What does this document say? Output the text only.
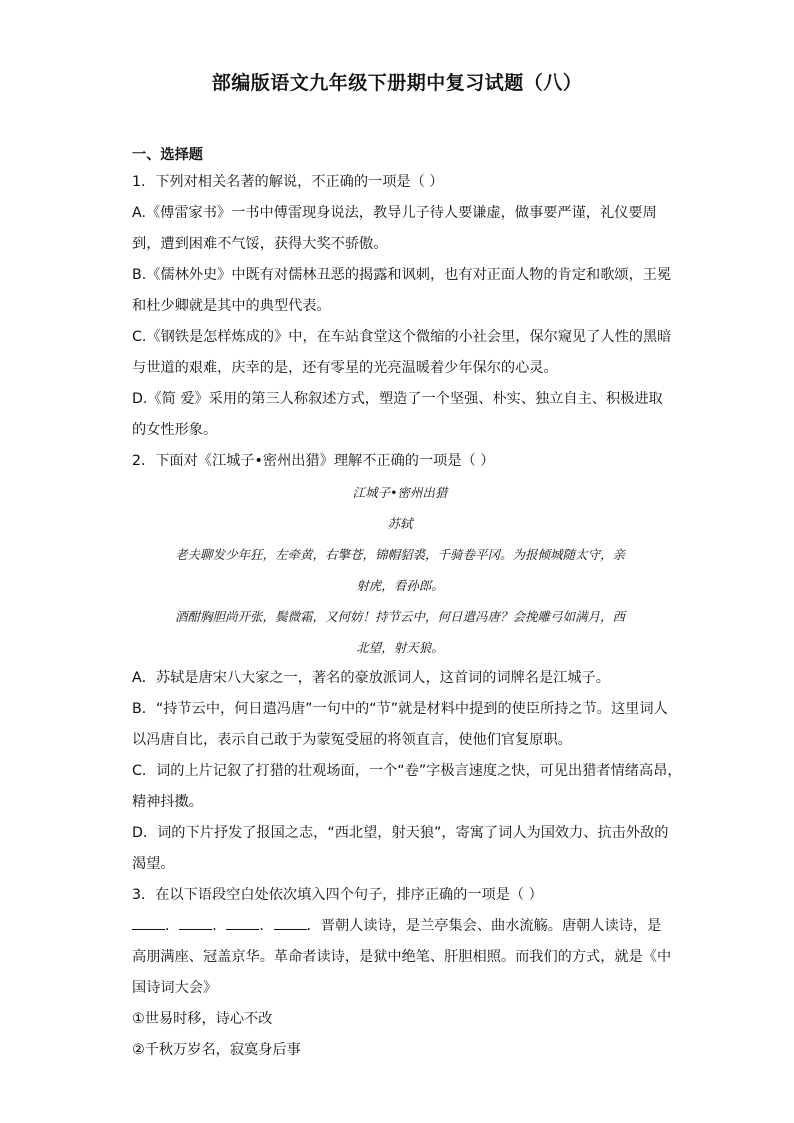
部编版语文九年级下册期中复习试题（八）
一、选择题
1．下列对相关名著的解说，不正确的一项是（ ）
A.《傅雷家书》一书中傅雷现身说法，教导儿子待人要谦虚，做事要严谨，礼仪要周
到，遭到困难不气馁，获得大奖不骄傲。
B.《儒林外史》中既有对儒林丑恶的揭露和讽刺，也有对正面人物的肯定和歌颂，王冕
和杜少卿就是其中的典型代表。
C.《钢铁是怎样炼成的》中，在车站食堂这个微缩的小社会里，保尔窥见了人性的黑暗
与世道的艰难，庆幸的是，还有零星的光亮温暖着少年保尔的心灵。
D.《简 爱》采用的第三人称叙述方式，塑造了一个坚强、朴实、独立自主、积极进取
的女性形象。
2．下面对《江城子•密州出猎》理解不正确的一项是（ ）
江城子•密州出猎
苏轼
老夫聊发少年狂，左牵黄，右擎苍，锦帽貂裘，千骑卷平冈。为报倾城随太守，亲
射虎，看孙郎。
酒酣胸胆尚开张，鬓微霜，又何妨！持节云中，何日遣冯唐？会挽雕弓如满月，西
北望，射天狼。
A．苏轼是唐宋八大家之一，著名的豪放派词人，这首词的词牌名是江城子。
B．“持节云中，何日遣冯唐”一句中的“节”就是材料中提到的使臣所持之节。这里词人
以冯唐自比，表示自己敢于为蒙冤受屈的将领直言，使他们官复原职。
C．词的上片记叙了打猎的壮观场面，一个“卷”字极言速度之快，可见出猎者情绪高昂，
精神抖擞。
D．词的下片抒发了报国之志，“西北望，射天狼”，寄寓了词人为国效力、抗击外敌的
渴望。
3．在以下语段空白处依次填入四个句子，排序正确的一项是（ ）
． ． ． ．晋朝人读诗，是兰亭集会、曲水流觞。唐朝人读诗，是
高朋满座、冠盖京华。革命者读诗，是狱中绝笔、肝胆相照。而我们的方式，就是《中
国诗词大会》
①世易时移，诗心不改
②千秋万岁名，寂寞身后事
